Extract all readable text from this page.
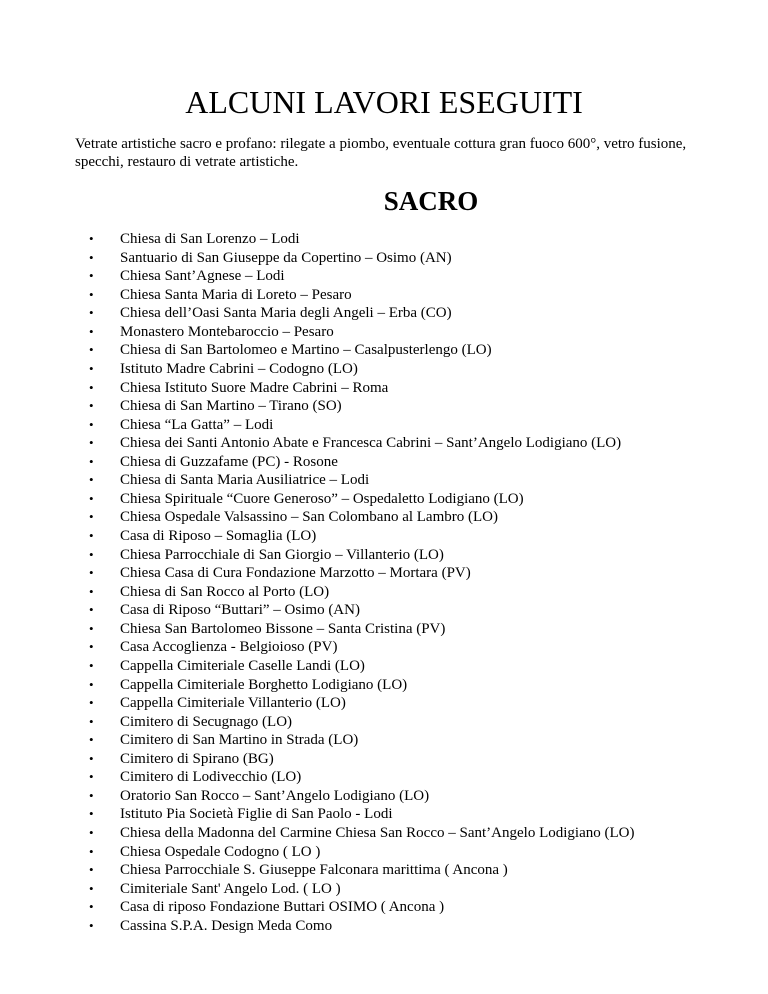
ALCUNI LAVORI ESEGUITI

Vetrate artistiche sacro e profano: rilegate a piombo, eventuale cottura gran fuoco 600°, vetro fusione, specchi, restauro di vetrate artistiche.

SACRO
• Chiesa di San Lorenzo – Lodi
• Santuario di San Giuseppe da Copertino – Osimo (AN)
• Chiesa Sant’Agnese – Lodi
• Chiesa Santa Maria di Loreto – Pesaro
• Chiesa dell’Oasi Santa Maria degli Angeli – Erba (CO)
• Monastero Montebaroccio – Pesaro
• Chiesa di San Bartolomeo e Martino – Casalpusterlengo (LO)
• Istituto Madre Cabrini – Codogno (LO)
• Chiesa Istituto Suore Madre Cabrini – Roma
• Chiesa di San Martino – Tirano (SO)
• Chiesa “La Gatta” – Lodi
• Chiesa dei Santi Antonio Abate e Francesca Cabrini – Sant’Angelo Lodigiano (LO)
• Chiesa di Guzzafame (PC) - Rosone
• Chiesa di Santa Maria Ausiliatrice – Lodi
• Chiesa Spirituale “Cuore Generoso” – Ospedaletto Lodigiano (LO)
• Chiesa Ospedale Valsassino – San Colombano al Lambro (LO)
• Casa di Riposo – Somaglia (LO)
• Chiesa Parrocchiale di San Giorgio – Villanterio (LO)
• Chiesa Casa di Cura Fondazione Marzotto – Mortara (PV)
• Chiesa di San Rocco al Porto (LO)
• Casa di Riposo “Buttari” – Osimo (AN)
• Chiesa San Bartolomeo Bissone – Santa Cristina (PV)
• Casa Accoglienza - Belgioioso (PV)
• Cappella Cimiteriale Caselle Landi (LO)
• Cappella Cimiteriale Borghetto Lodigiano (LO)
• Cappella Cimiteriale Villanterio (LO)
• Cimitero di Secugnago (LO)
• Cimitero di San Martino in Strada (LO)
• Cimitero di Spirano (BG)
• Cimitero di Lodivecchio (LO)
• Oratorio San Rocco – Sant’Angelo Lodigiano (LO)
• Istituto Pia Società Figlie di San Paolo - Lodi
• Chiesa della Madonna del Carmine Chiesa San Rocco – Sant’Angelo Lodigiano (LO)
• Chiesa Ospedale Codogno ( LO )
• Chiesa Parrocchiale S. Giuseppe Falconara marittima ( Ancona )
• Cimiteriale Sant' Angelo Lod. ( LO )
• Casa di riposo Fondazione Buttari OSIMO ( Ancona )
• Cassina S.P.A. Design Meda Como
